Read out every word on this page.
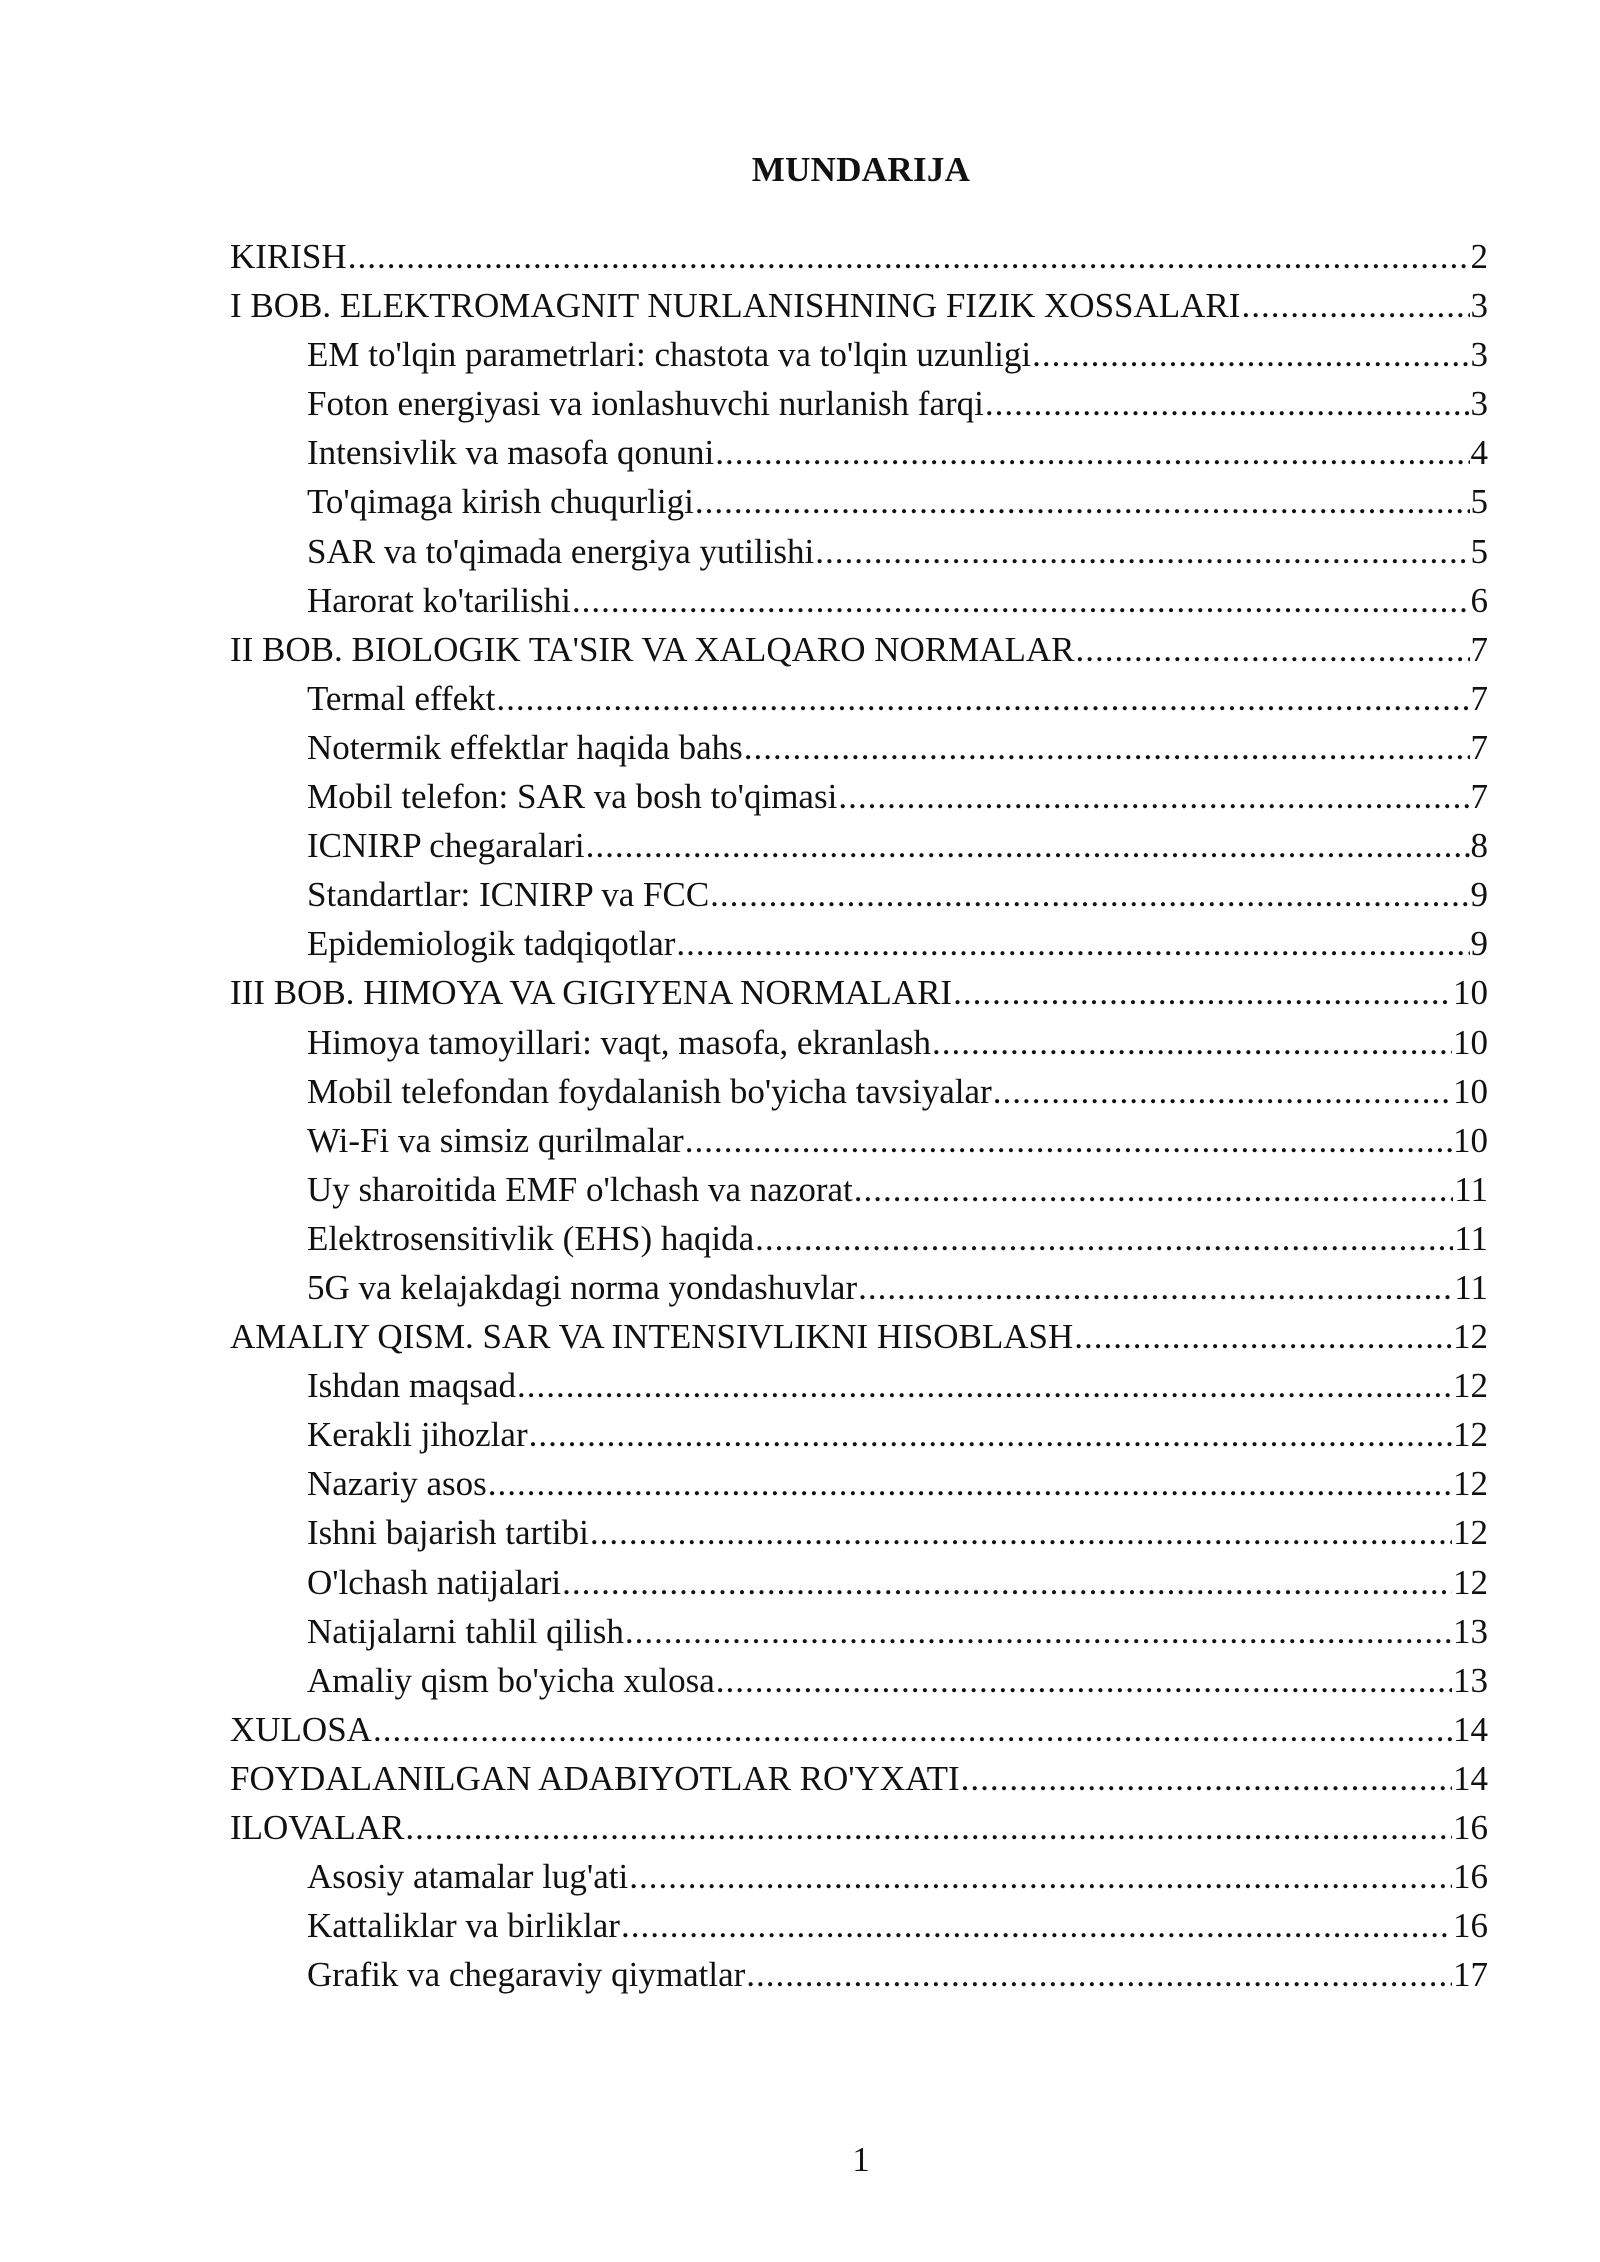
MUNDARIJA
KIRISH .....	2
I BOB. ELEKTROMAGNIT NURLANISHNING FIZIK XOSSALARI .....	3
EM to'lqin parametrlari: chastota va to'lqin uzunligi .....	3
Foton energiyasi va ionlashuvchi nurlanish farqi .....	3
Intensivlik va masofa qonuni .....	4
To'qimaga kirish chuqurligi .....	5
SAR va to'qimada energiya yutilishi .....	5
Harorat ko'tarilishi .....	6
II BOB. BIOLOGIK TA'SIR VA XALQARO NORMALAR .....	7
Termal effekt .....	7
Notermik effektlar haqida bahs .....	7
Mobil telefon: SAR va bosh to'qimasi .....	7
ICNIRP chegaralari .....	8
Standartlar: ICNIRP va FCC .....	9
Epidemiologik tadqiqotlar .....	9
III BOB. HIMOYA VA GIGIYENA NORMALARI .....	10
Himoya tamoyillari: vaqt, masofa, ekranlash .....	10
Mobil telefondan foydalanish bo'yicha tavsiyalar .....	10
Wi-Fi va simsiz qurilmalar .....	10
Uy sharoitida EMF o'lchash va nazorat .....	11
Elektrosensitivlik (EHS) haqida .....	11
5G va kelajakdagi norma yondashuvlar .....	11
AMALIY QISM. SAR VA INTENSIVLIKNI HISOBLASH .....	12
Ishdan maqsad .....	12
Kerakli jihozlar .....	12
Nazariy asos .....	12
Ishni bajarish tartibi .....	12
O'lchash natijalari .....	12
Natijalarni tahlil qilish .....	13
Amaliy qism bo'yicha xulosa .....	13
XULOSA .....	14
FOYDALANILGAN ADABIYOTLAR RO'YXATI .....	14
ILOVALAR .....	16
Asosiy atamalar lug'ati .....	16
Kattaliklar va birliklar .....	16
Grafik va chegaraviy qiymatlar .....	17

1
